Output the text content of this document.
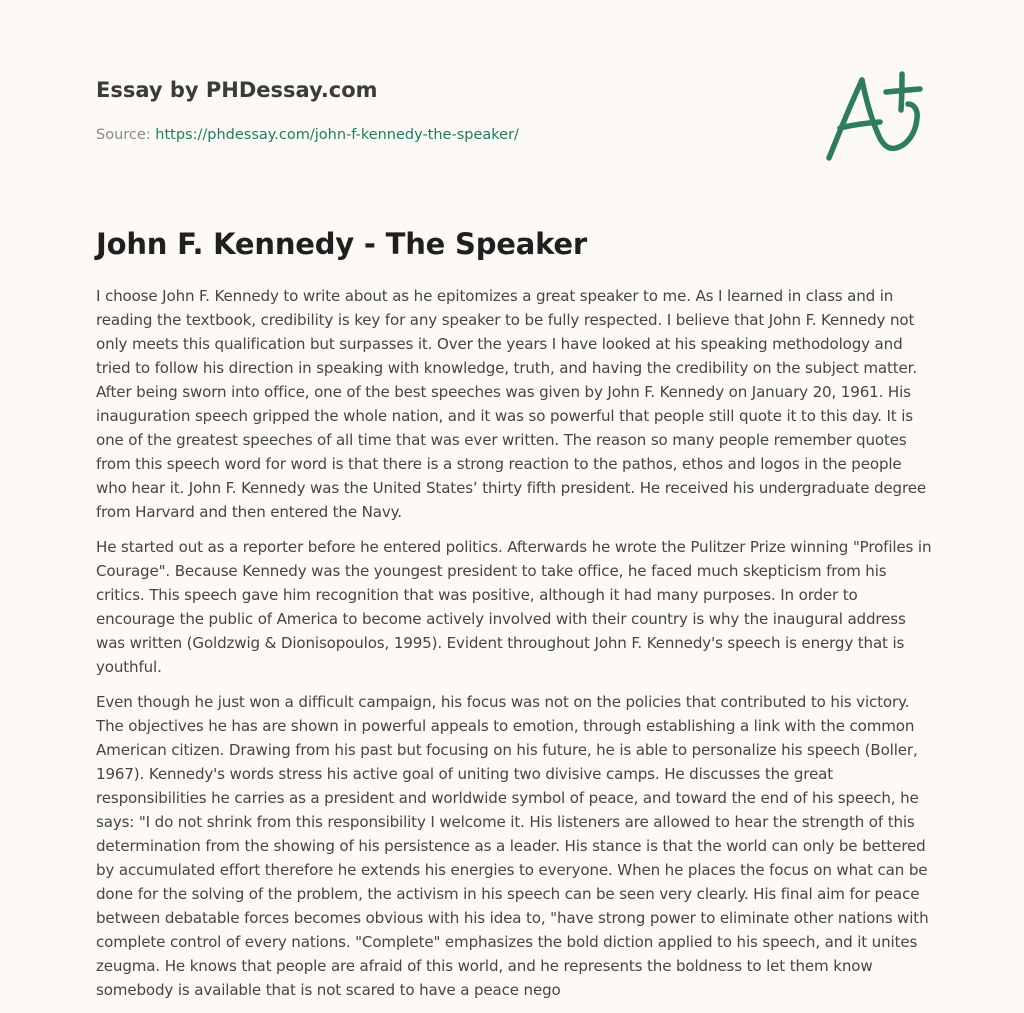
Essay by PHDessay.com
Source: https://phdessay.com/john-f-kennedy-the-speaker/
John F. Kennedy - The Speaker

I choose John F. Kennedy to write about as he epitomizes a great speaker to me. As I learned in class and in reading the textbook, credibility is key for any speaker to be fully respected. I believe that John F. Kennedy not only meets this qualification but surpasses it. Over the years I have looked at his speaking methodology and tried to follow his direction in speaking with knowledge, truth, and having the credibility on the subject matter. After being sworn into office, one of the best speeches was given by John F. Kennedy on January 20, 1961. His inauguration speech gripped the whole nation, and it was so powerful that people still quote it to this day. It is one of the greatest speeches of all time that was ever written. The reason so many people remember quotes from this speech word for word is that there is a strong reaction to the pathos, ethos and logos in the people who hear it. John F. Kennedy was the United States’ thirty fifth president. He received his undergraduate degree from Harvard and then entered the Navy.

He started out as a reporter before he entered politics. Afterwards he wrote the Pulitzer Prize winning "Profiles in Courage". Because Kennedy was the youngest president to take office, he faced much skepticism from his critics. This speech gave him recognition that was positive, although it had many purposes. In order to encourage the public of America to become actively involved with their country is why the inaugural address was written (Goldzwig & Dionisopoulos, 1995). Evident throughout John F. Kennedy's speech is energy that is youthful.

Even though he just won a difficult campaign, his focus was not on the policies that contributed to his victory. The objectives he has are shown in powerful appeals to emotion, through establishing a link with the common American citizen. Drawing from his past but focusing on his future, he is able to personalize his speech (Boller, 1967). Kennedy's words stress his active goal of uniting two divisive camps. He discusses the great responsibilities he carries as a president and worldwide symbol of peace, and toward the end of his speech, he says: "I do not shrink from this responsibility I welcome it. His listeners are allowed to hear the strength of this determination from the showing of his persistence as a leader. His stance is that the world can only be bettered by accumulated effort therefore he extends his energies to everyone. When he places the focus on what can be done for the solving of the problem, the activism in his speech can be seen very clearly. His final aim for peace between debatable forces becomes obvious with his idea to, "have strong power to eliminate other nations with complete control of every nations. "Complete" emphasizes the bold diction applied to his speech, and it unites zeugma. He knows that people are afraid of this world, and he represents the boldness to let them know somebody is available that is not scared to have a peace nego
